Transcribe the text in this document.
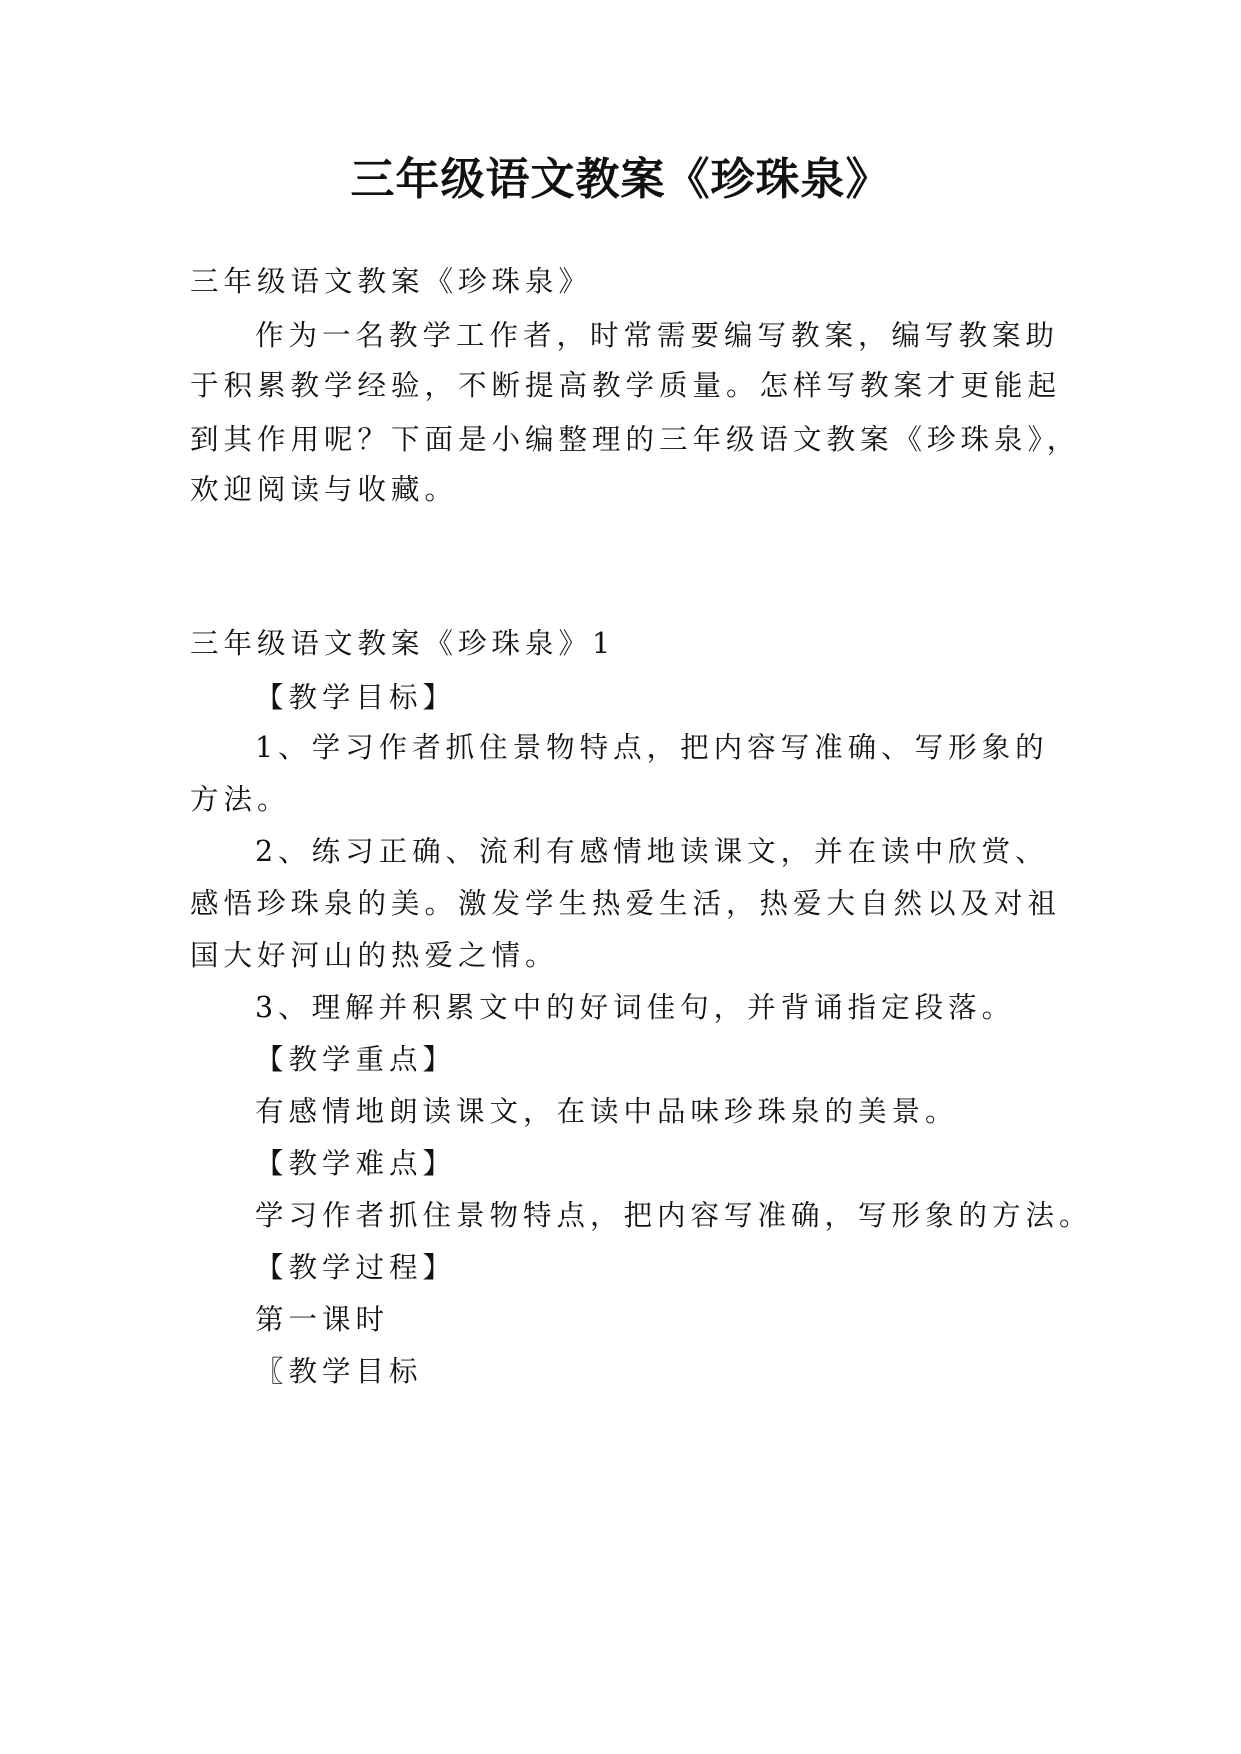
三年级语文教案《珍珠泉》

三年级语文教案《珍珠泉》

作为一名教学工作者，时常需要编写教案，编写教案助

于积累教学经验，不断提高教学质量。怎样写教案才更能起

到其作用呢？下面是小编整理的三年级语文教案《珍珠泉》，

欢迎阅读与收藏。

三年级语文教案《珍珠泉》1

【教学目标】

1、学习作者抓住景物特点，把内容写准确、写形象的

方法。

2、练习正确、流利有感情地读课文，并在读中欣赏、

感悟珍珠泉的美。激发学生热爱生活，热爱大自然以及对祖

国大好河山的热爱之情。

3、理解并积累文中的好词佳句，并背诵指定段落。

【教学重点】

有感情地朗读课文，在读中品味珍珠泉的美景。

【教学难点】

学习作者抓住景物特点，把内容写准确，写形象的方法。

【教学过程】

第一课时

〖教学目标
